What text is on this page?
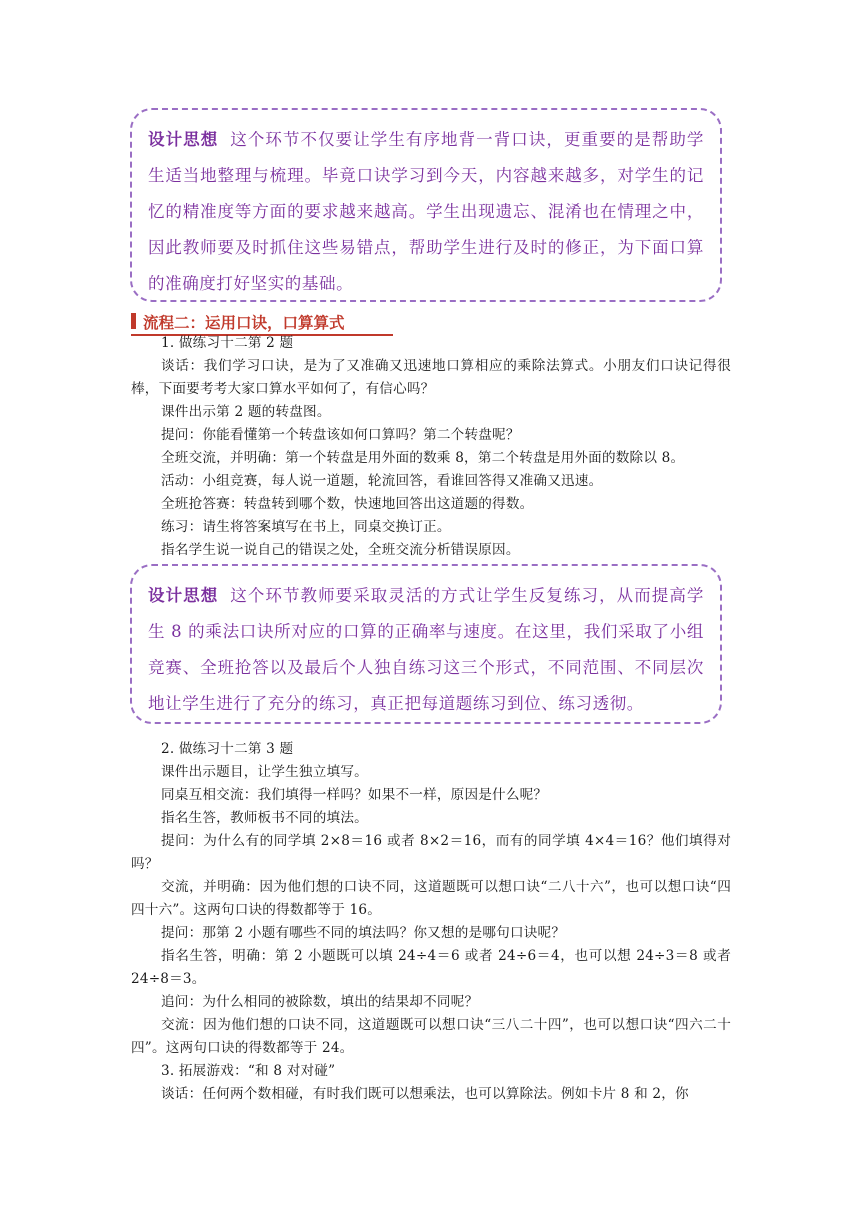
设计思想 这个环节不仅要让学生有序地背一背口诀，更重要的是帮助学生适当地整理与梳理。毕竟口诀学习到今天，内容越来越多，对学生的记忆的精准度等方面的要求越来越高。学生出现遗忘、混淆也在情理之中，因此教师要及时抓住这些易错点，帮助学生进行及时的修正，为下面口算的准确度打好坚实的基础。
流程二：运用口诀，口算算式

1. 做练习十二第 2 题

谈话：我们学习口诀，是为了又准确又迅速地口算相应的乘除法算式。小朋友们口诀记得很棒，下面要考考大家口算水平如何了，有信心吗？

课件出示第 2 题的转盘图。

提问：你能看懂第一个转盘该如何口算吗？第二个转盘呢？

全班交流，并明确：第一个转盘是用外面的数乘 8，第二个转盘是用外面的数除以 8。

活动：小组竞赛，每人说一道题，轮流回答，看谁回答得又准确又迅速。

全班抢答赛：转盘转到哪个数，快速地回答出这道题的得数。

练习：请生将答案填写在书上，同桌交换订正。

指名学生说一说自己的错误之处，全班交流分析错误原因。

设计思想 这个环节教师要采取灵活的方式让学生反复练习，从而提高学生 8 的乘法口诀所对应的口算的正确率与速度。在这里，我们采取了小组竞赛、全班抢答以及最后个人独自练习这三个形式，不同范围、不同层次地让学生进行了充分的练习，真正把每道题练习到位、练习透彻。

2. 做练习十二第 3 题

课件出示题目，让学生独立填写。

同桌互相交流：我们填得一样吗？如果不一样，原因是什么呢？

指名生答，教师板书不同的填法。

提问：为什么有的同学填 2×8＝16 或者 8×2＝16，而有的同学填 4×4＝16？他们填得对吗？

交流，并明确：因为他们想的口诀不同，这道题既可以想口诀“二八十六”，也可以想口诀“四四十六”。这两句口诀的得数都等于 16。

提问：那第 2 小题有哪些不同的填法吗？你又想的是哪句口诀呢？

指名生答，明确：第 2 小题既可以填 24÷4＝6 或者 24÷6＝4，也可以想 24÷3＝8 或者 24÷8＝3。

追问：为什么相同的被除数，填出的结果却不同呢？

交流：因为他们想的口诀不同，这道题既可以想口诀“三八二十四”，也可以想口诀“四六二十四”。这两句口诀的得数都等于 24。

3. 拓展游戏：“和 8 对对碰”

谈话：任何两个数相碰，有时我们既可以想乘法，也可以算除法。例如卡片 8 和 2，你
